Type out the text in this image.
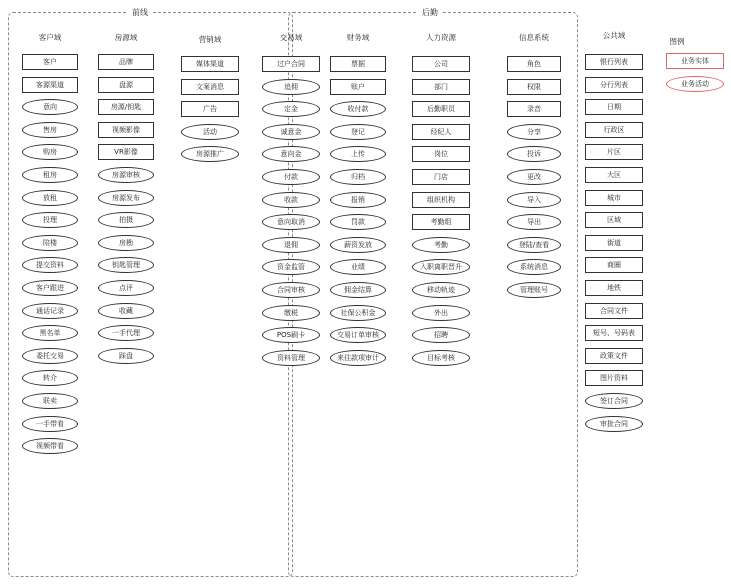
前线	后勤
图例
业务实体
业务活动
客户域
客户
客源渠道
意向
售房
购房
租房
放租
投理
陪楼
提交资料
客户跟进
通话记录
黑名单
委托交易
转介
联卖
一手带看
视频带看
房源域
品牌
盘源
房源/钥匙
视频影像
VR影像
房源审核
房源发布
拍摄
房勘
钥匙管理
点评
收藏
一手代理
踩盘
营销域
媒体渠道
文案消息
广告
活动
房源推广
交易域
过户合同
追佣
定金
诚意金
意向金
付款
收款
意向取消
退佣
资金监管
合同审核
缴税
POS刷卡
资料管理
财务域
票据
账户
收付款
登记
上传
归档
报销
罚款
薪资发放
业绩
佣金结算
社保公积金
交易订单审核
来往款项审计
人力资源
公司
部门
后勤职员
经纪人
岗位
门店
组织机构
考勤组
考勤
入职离职晋升
移动轨迹
外出
招聘
目标考核
信息系统
角色
权限
录音
分享
投诉
更改
导入
导出
登陆/查看
系统消息
管理账号
公共域
银行列表
分行列表
日期
行政区
片区
大区
城市
区域
街道
商圈
地铁
合同文件
短号、号码表
政策文件
图片资料
签订合同
审批合同
